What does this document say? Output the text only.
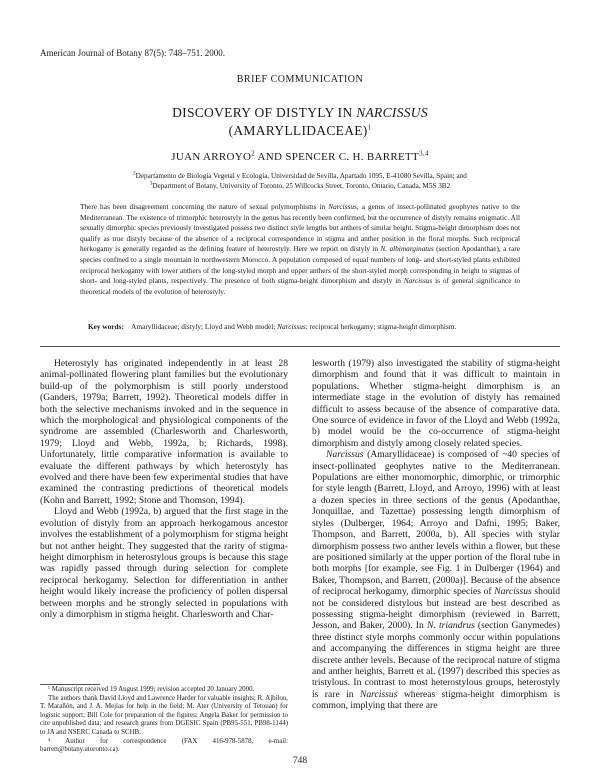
American Journal of Botany 87(5): 748–751. 2000.
BRIEF COMMUNICATION
DISCOVERY OF DISTYLY IN NARCISSUS
(AMARYLLIDACEAE)$^1$
JUAN ARROYO$^2$ AND SPENCER C. H. BARRETT$^{3,4}$
$^2$Departamento de Biología Vegetal y Ecología, Universidad de Sevilla, Apartado 1095, E-41080 Sevilla, Spain; and
$^3$Department of Botany, University of Toronto, 25 Willcocks Street, Toronto, Ontario, Canada, M5S 3B2
There has been disagreement concerning the nature of sexual polymorphisms in Narcissus, a genus of insect-pollinated geophytes native to the Mediterranean. The existence of trimorphic heterostyly in the genus has recently been confirmed, but the occurrence of distyly remains enigmatic. All sexually dimorphic species previously investigated possess two distinct style lengths but anthers of similar height. Stigma-height dimorphism does not qualify as true distyly because of the absence of a reciprocal correspondence in stigma and anther position in the floral morphs. Such reciprocal herkogamy is generally regarded as the defining feature of heterostyly. Here we report on distyly in N. albimarginatus (section Apodanthae), a rare species confined to a single mountain in northwestern Morocco. A population composed of equal numbers of long- and short-styled plants exhibited reciprocal herkogamy with lower anthers of the long-styled morph and upper anthers of the short-styled morph corresponding in height to stigmas of short- and long-styled plants, respectively. The presence of both stigma-height dimorphism and distyly in Narcissus is of general significance to theoretical models of the evolution of heterostyly.
Key words: Amaryllidaceae; distyly; Lloyd and Webb model; Narcissus; reciprocal herkogamy; stigma-height dimorphism.

Heterostyly has originated independently in at least 28 animal-pollinated flowering plant families but the evolutionary build-up of the polymorphism is still poorly understood (Ganders, 1979a; Barrett, 1992). Theoretical models differ in both the selective mechanisms invoked and in the sequence in which the morphological and physiological components of the syndrome are assembled (Charlesworth and Charlesworth, 1979; Lloyd and Webb, 1992a, b; Richards, 1998). Unfortunately, little comparative information is available to evaluate the different pathways by which heterostyly has evolved and there have been few experimental studies that have examined the contrasting predictions of theoretical models (Kohn and Barrett, 1992; Stone and Thomson, 1994).

Lloyd and Webb (1992a, b) argued that the first stage in the evolution of distyly from an approach herkogamous ancestor involves the establishment of a polymorphism for stigma height but not anther height. They suggested that the rarity of stigma-height dimorphism in heterostylous groups is because this stage was rapidly passed through during selection for complete reciprocal herkogamy. Selection for differentiation in anther height would likely increase the proficiency of pollen dispersal between morphs and be strongly selected in populations with only a dimorphism in stigma height. Charlesworth and Char-

lesworth (1979) also investigated the stability of stigma-height dimorphism and found that it was difficult to maintain in populations. Whether stigma-height dimorphism is an intermediate stage in the evolution of distyly has remained difficult to assess because of the absence of comparative data. One source of evidence in favor of the Lloyd and Webb (1992a, b) model would be the co-occurrence of stigma-height dimorphism and distyly among closely related species.

Narcissus (Amaryllidaceae) is composed of ~40 species of insect-pollinated geophytes native to the Mediterranean. Populations are either monomorphic, dimorphic, or trimorphic for style length (Barrett, Lloyd, and Arroyo, 1996) with at least a dozen species in three sections of the genus (Apodanthae, Jonquillae, and Tazettae) possessing length dimorphism of styles (Dulberger, 1964; Arroyo and Dafni, 1995; Baker, Thompson, and Barrett, 2000a, b). All species with stylar dimorphism possess two anther levels within a flower, but these are positioned similarly at the upper portion of the floral tube in both morphs [for example, see Fig. 1 in Dulberger (1964) and Baker, Thompson, and Barrett, (2000a)]. Because of the absence of reciprocal herkogamy, dimorphic species of Narcissus should not be considered distylous but instead are best described as possessing stigma-height dimorphism (reviewed in Barrett, Jesson, and Baker, 2000). In N. triandrus (section Ganymedes) three distinct style morphs commonly occur within populations and accompanying the differences in stigma height are three discrete anther levels. Because of the reciprocal nature of stigma and anther heights, Barrett et al. (1997) described this species as tristylous. In contrast to most heterostylous groups, heterostyly is rare in Narcissus whereas stigma-height dimorphism is common, implying that there are

¹ Manuscript received 19 August 1999; revision accepted 20 January 2000.

The authors thank David Lloyd and Lawrence Harder for valuable insights; R. Ajbilou, T. Marañón, and J. A. Mejías for help in the field; M. Ater (University of Tetouan) for logistic support; Bill Cole for preparation of the figures; Angela Baker for permission to cite unpublished data; and research grants from DGESIC Spain (PB95-551, PB98-1144) to JA and NSERC Canada to SCHB.

⁴ Author for correspondence (FAX 416-978-5878, e-mail: barrett@botany.utoronto.ca).

748
